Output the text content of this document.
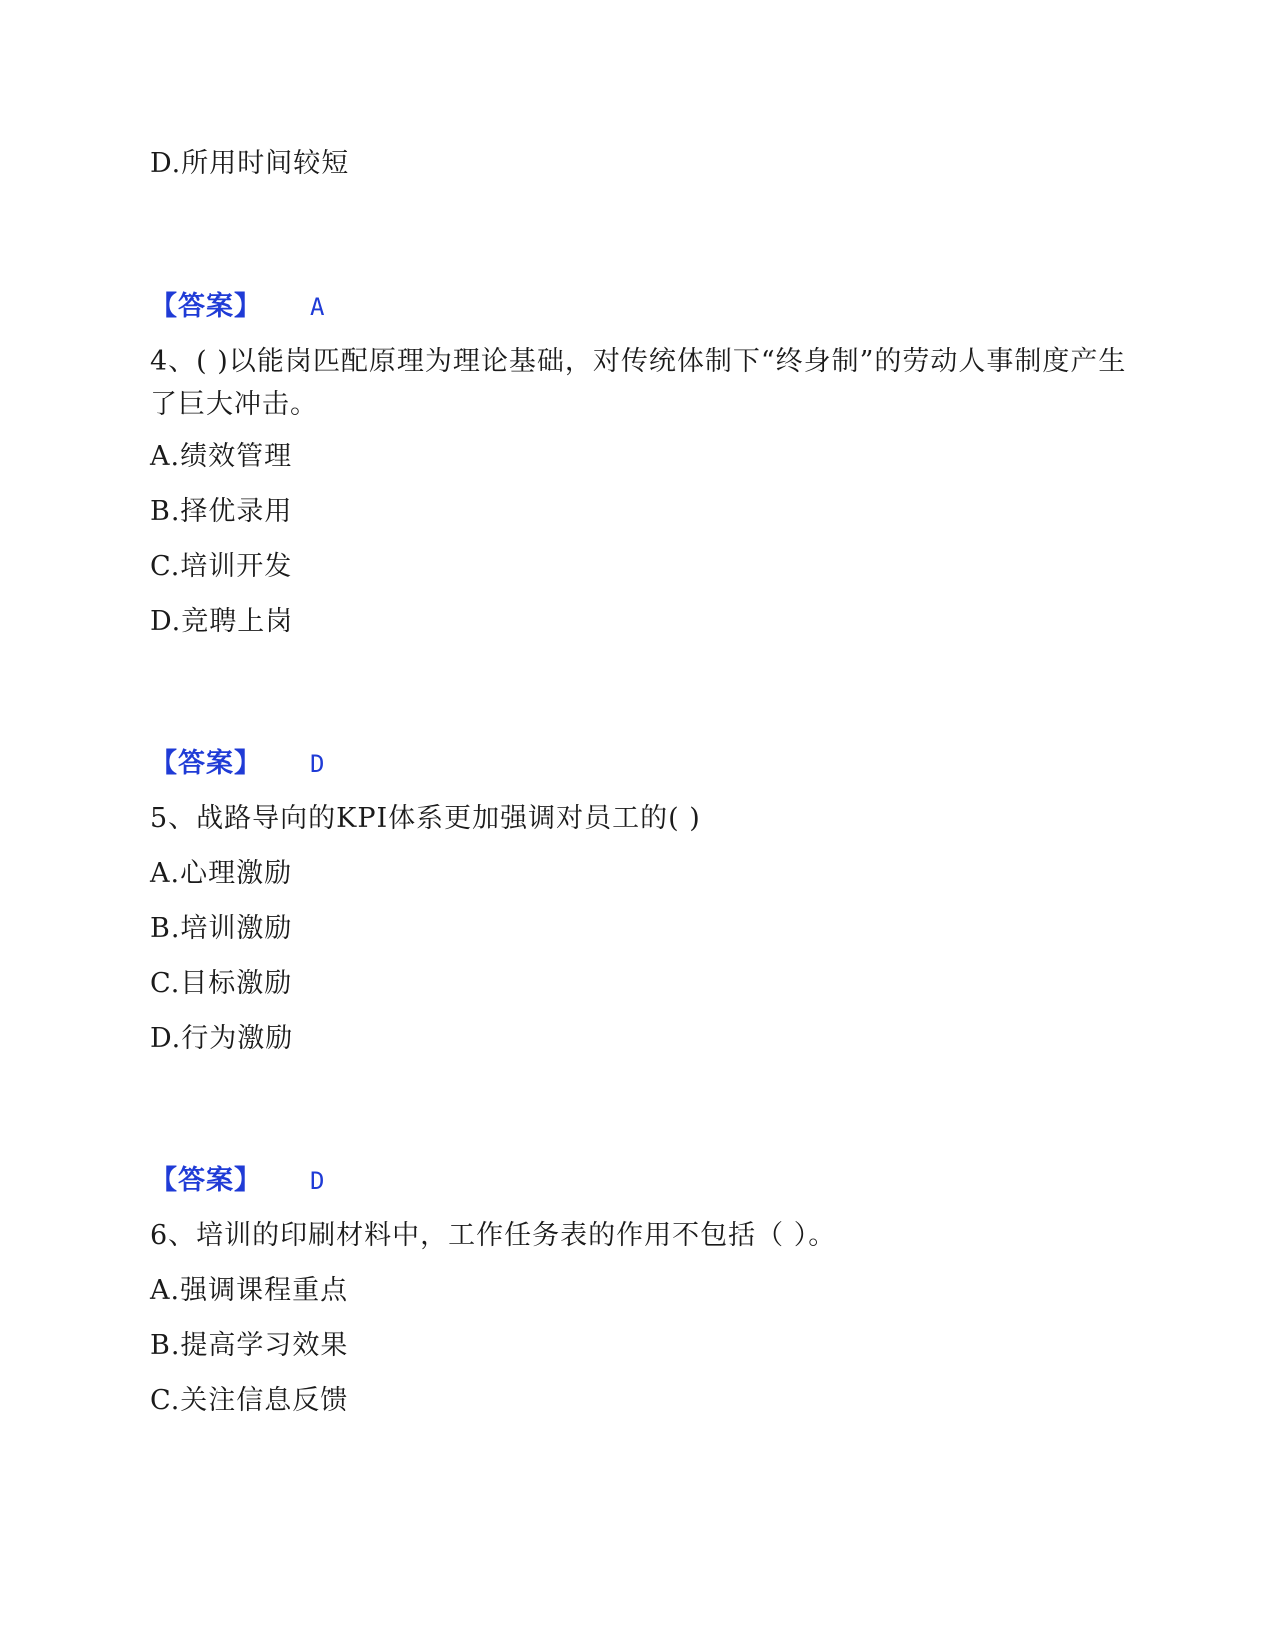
D.所用时间较短
【答案】 A
4、( )以能岗匹配原理为理论基础，对传统体制下“终身制”的劳动人事制度产生了巨大冲击。
A.绩效管理
B.择优录用
C.培训开发
D.竞聘上岗
【答案】 D
5、战路导向的KPI体系更加强调对员工的( )
A.心理激励
B.培训激励
C.目标激励
D.行为激励
【答案】 D
6、培训的印刷材料中，工作任务表的作用不包括（ ）。
A.强调课程重点
B.提高学习效果
C.关注信息反馈
